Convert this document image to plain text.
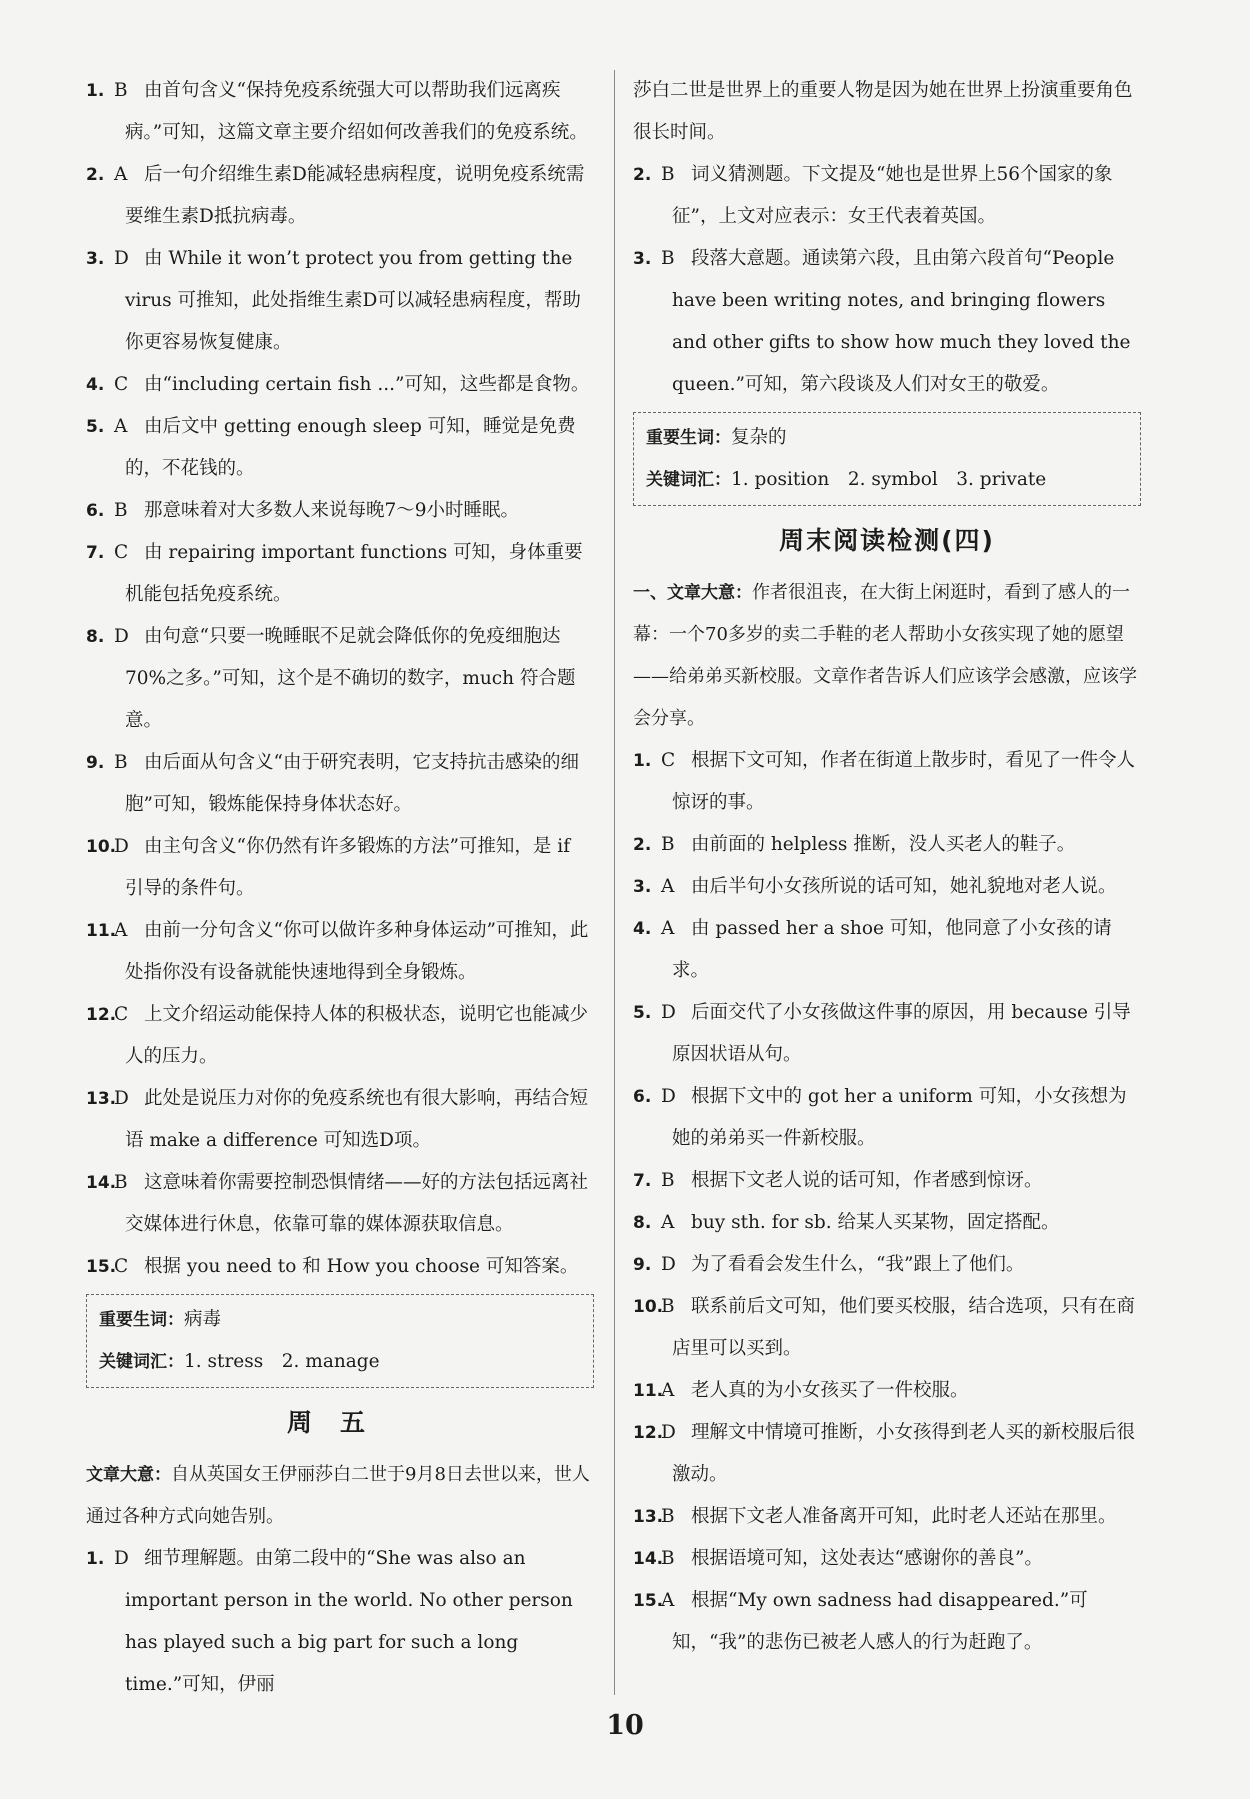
1. B 由首句含义“保持免疫系统强大可以帮助我们远离疾病。”可知，这篇文章主要介绍如何改善我们的免疫系统。

2. A 后一句介绍维生素D能减轻患病程度，说明免疫系统需要维生素D抵抗病毒。

3. D 由 While it won’t protect you from getting the virus 可推知，此处指维生素D可以减轻患病程度，帮助你更容易恢复健康。

4. C 由“including certain fish ...”可知，这些都是食物。

5. A 由后文中 getting enough sleep 可知，睡觉是免费的，不花钱的。

6. B 那意味着对大多数人来说每晚7～9小时睡眠。

7. C 由 repairing important functions 可知，身体重要机能包括免疫系统。

8. D 由句意“只要一晚睡眠不足就会降低你的免疫细胞达70%之多。”可知，这个是不确切的数字，much 符合题意。

9. B 由后面从句含义“由于研究表明，它支持抗击感染的细胞”可知，锻炼能保持身体状态好。

10.D 由主句含义“你仍然有许多锻炼的方法”可推知，是 if 引导的条件句。

11.A 由前一分句含义“你可以做许多种身体运动”可推知，此处指你没有设备就能快速地得到全身锻炼。

12.C 上文介绍运动能保持人体的积极状态，说明它也能减少人的压力。

13.D 此处是说压力对你的免疫系统也有很大影响，再结合短语 make a difference 可知选D项。

14.B 这意味着你需要控制恐惧情绪——好的方法包括远离社交媒体进行休息，依靠可靠的媒体源获取信息。

15.C 根据 you need to 和 How you choose 可知答案。

重要生词：病毒
关键词汇：1. stress　2. manage
周五

文章大意：自从英国女王伊丽莎白二世于9月8日去世以来，世人通过各种方式向她告别。

1. D 细节理解题。由第二段中的“She was also an important person in the world. No other person has played such a big part for such a long time.”可知，伊丽

莎白二世是世界上的重要人物是因为她在世界上扮演重要角色很长时间。

2. B 词义猜测题。下文提及“她也是世界上56个国家的象征”，上文对应表示：女王代表着英国。

3. B 段落大意题。通读第六段，且由第六段首句“People have been writing notes, and bringing flowers and other gifts to show how much they loved the queen.”可知，第六段谈及人们对女王的敬爱。

重要生词：复杂的
关键词汇：1. position　2. symbol　3. private
周末阅读检测(四)

一、文章大意：作者很沮丧，在大街上闲逛时，看到了感人的一幕：一个70多岁的卖二手鞋的老人帮助小女孩实现了她的愿望——给弟弟买新校服。文章作者告诉人们应该学会感激，应该学会分享。

1. C 根据下文可知，作者在街道上散步时，看见了一件令人惊讶的事。

2. B 由前面的 helpless 推断，没人买老人的鞋子。

3. A 由后半句小女孩所说的话可知，她礼貌地对老人说。

4. A 由 passed her a shoe 可知，他同意了小女孩的请求。

5. D 后面交代了小女孩做这件事的原因，用 because 引导原因状语从句。

6. D 根据下文中的 got her a uniform 可知，小女孩想为她的弟弟买一件新校服。

7. B 根据下文老人说的话可知，作者感到惊讶。

8. A buy sth. for sb. 给某人买某物，固定搭配。

9. D 为了看看会发生什么，“我”跟上了他们。

10.B 联系前后文可知，他们要买校服，结合选项，只有在商店里可以买到。

11.A 老人真的为小女孩买了一件校服。

12.D 理解文中情境可推断，小女孩得到老人买的新校服后很激动。

13.B 根据下文老人准备离开可知，此时老人还站在那里。

14.B 根据语境可知，这处表达“感谢你的善良”。

15.A 根据“My own sadness had disappeared.”可知，“我”的悲伤已被老人感人的行为赶跑了。

10
